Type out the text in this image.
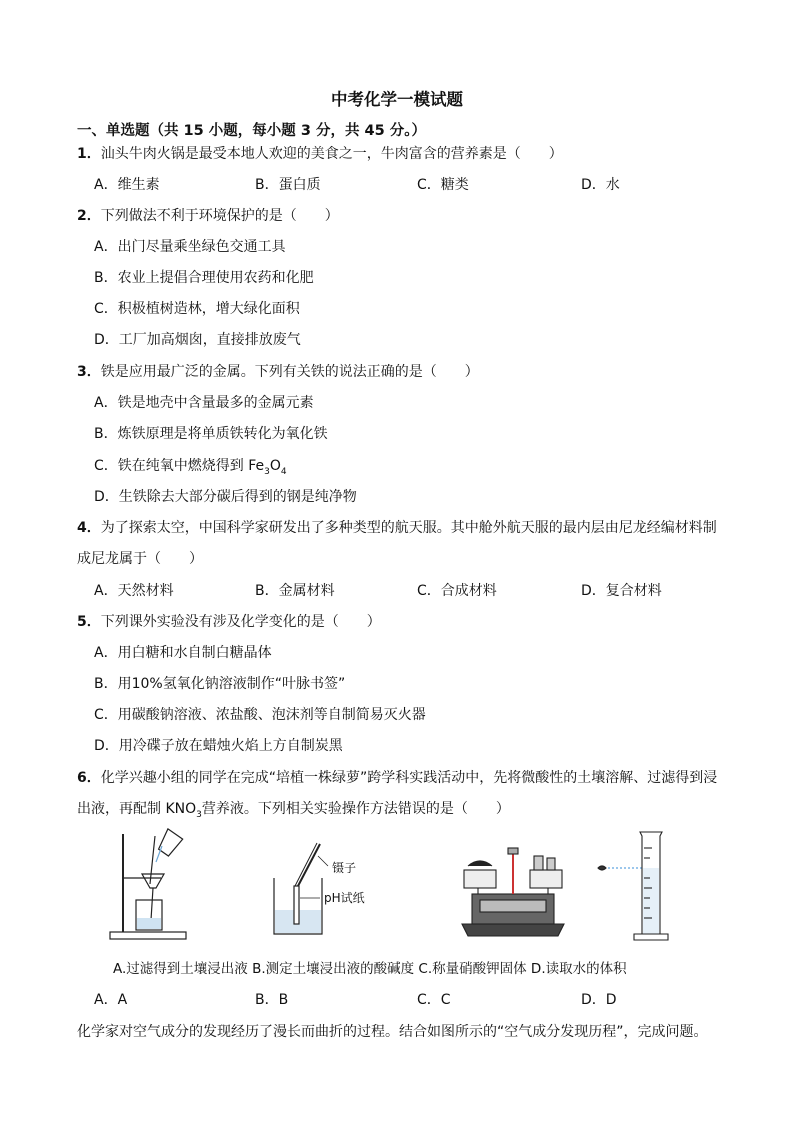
中考化学一模试题
一、单选题（共 15 小题，每小题 3 分，共 45 分。）
1．汕头牛肉火锅是最受本地人欢迎的美食之一，牛肉富含的营养素是（　　）
A．维生素	B．蛋白质	C．糖类	D．水
2．下列做法不利于环境保护的是（　　）
A．出门尽量乘坐绿色交通工具
B．农业上提倡合理使用农药和化肥
C．积极植树造林，增大绿化面积
D．工厂加高烟囱，直接排放废气
3．铁是应用最广泛的金属。下列有关铁的说法正确的是（　　）
A．铁是地壳中含量最多的金属元素
B．炼铁原理是将单质铁转化为氧化铁
C．铁在纯氧中燃烧得到 $Fe_3O_4$
D．生铁除去大部分碳后得到的钢是纯净物
4．为了探索太空，中国科学家研发出了多种类型的航天服。其中舱外航天服的最内层由尼龙经编材料制
成尼龙属于（　　）
A．天然材料	B．金属材料	C．合成材料	D．复合材料
5．下列课外实验没有涉及化学变化的是（　　）
A．用白糖和水自制白糖晶体
B．用10%氢氧化钠溶液制作“叶脉书签”
C．用碳酸钠溶液、浓盐酸、泡沫剂等自制简易灭火器
D．用冷碟子放在蜡烛火焰上方自制炭黑
6．化学兴趣小组的同学在完成“培植一株绿萝”跨学科实践活动中，先将微酸性的土壤溶解、过滤得到浸
出液，再配制 $KNO_3$营养液。下列相关实验操作方法错误的是（　　）
镊子
pH试纸
A.过滤得到土壤浸出液 B.测定土壤浸出液的酸碱度 C.称量硝酸钾固体 D.读取水的体积
A．A	B．B	C．C	D．D
化学家对空气成分的发现经历了漫长而曲折的过程。结合如图所示的“空气成分发现历程”，完成问题。
